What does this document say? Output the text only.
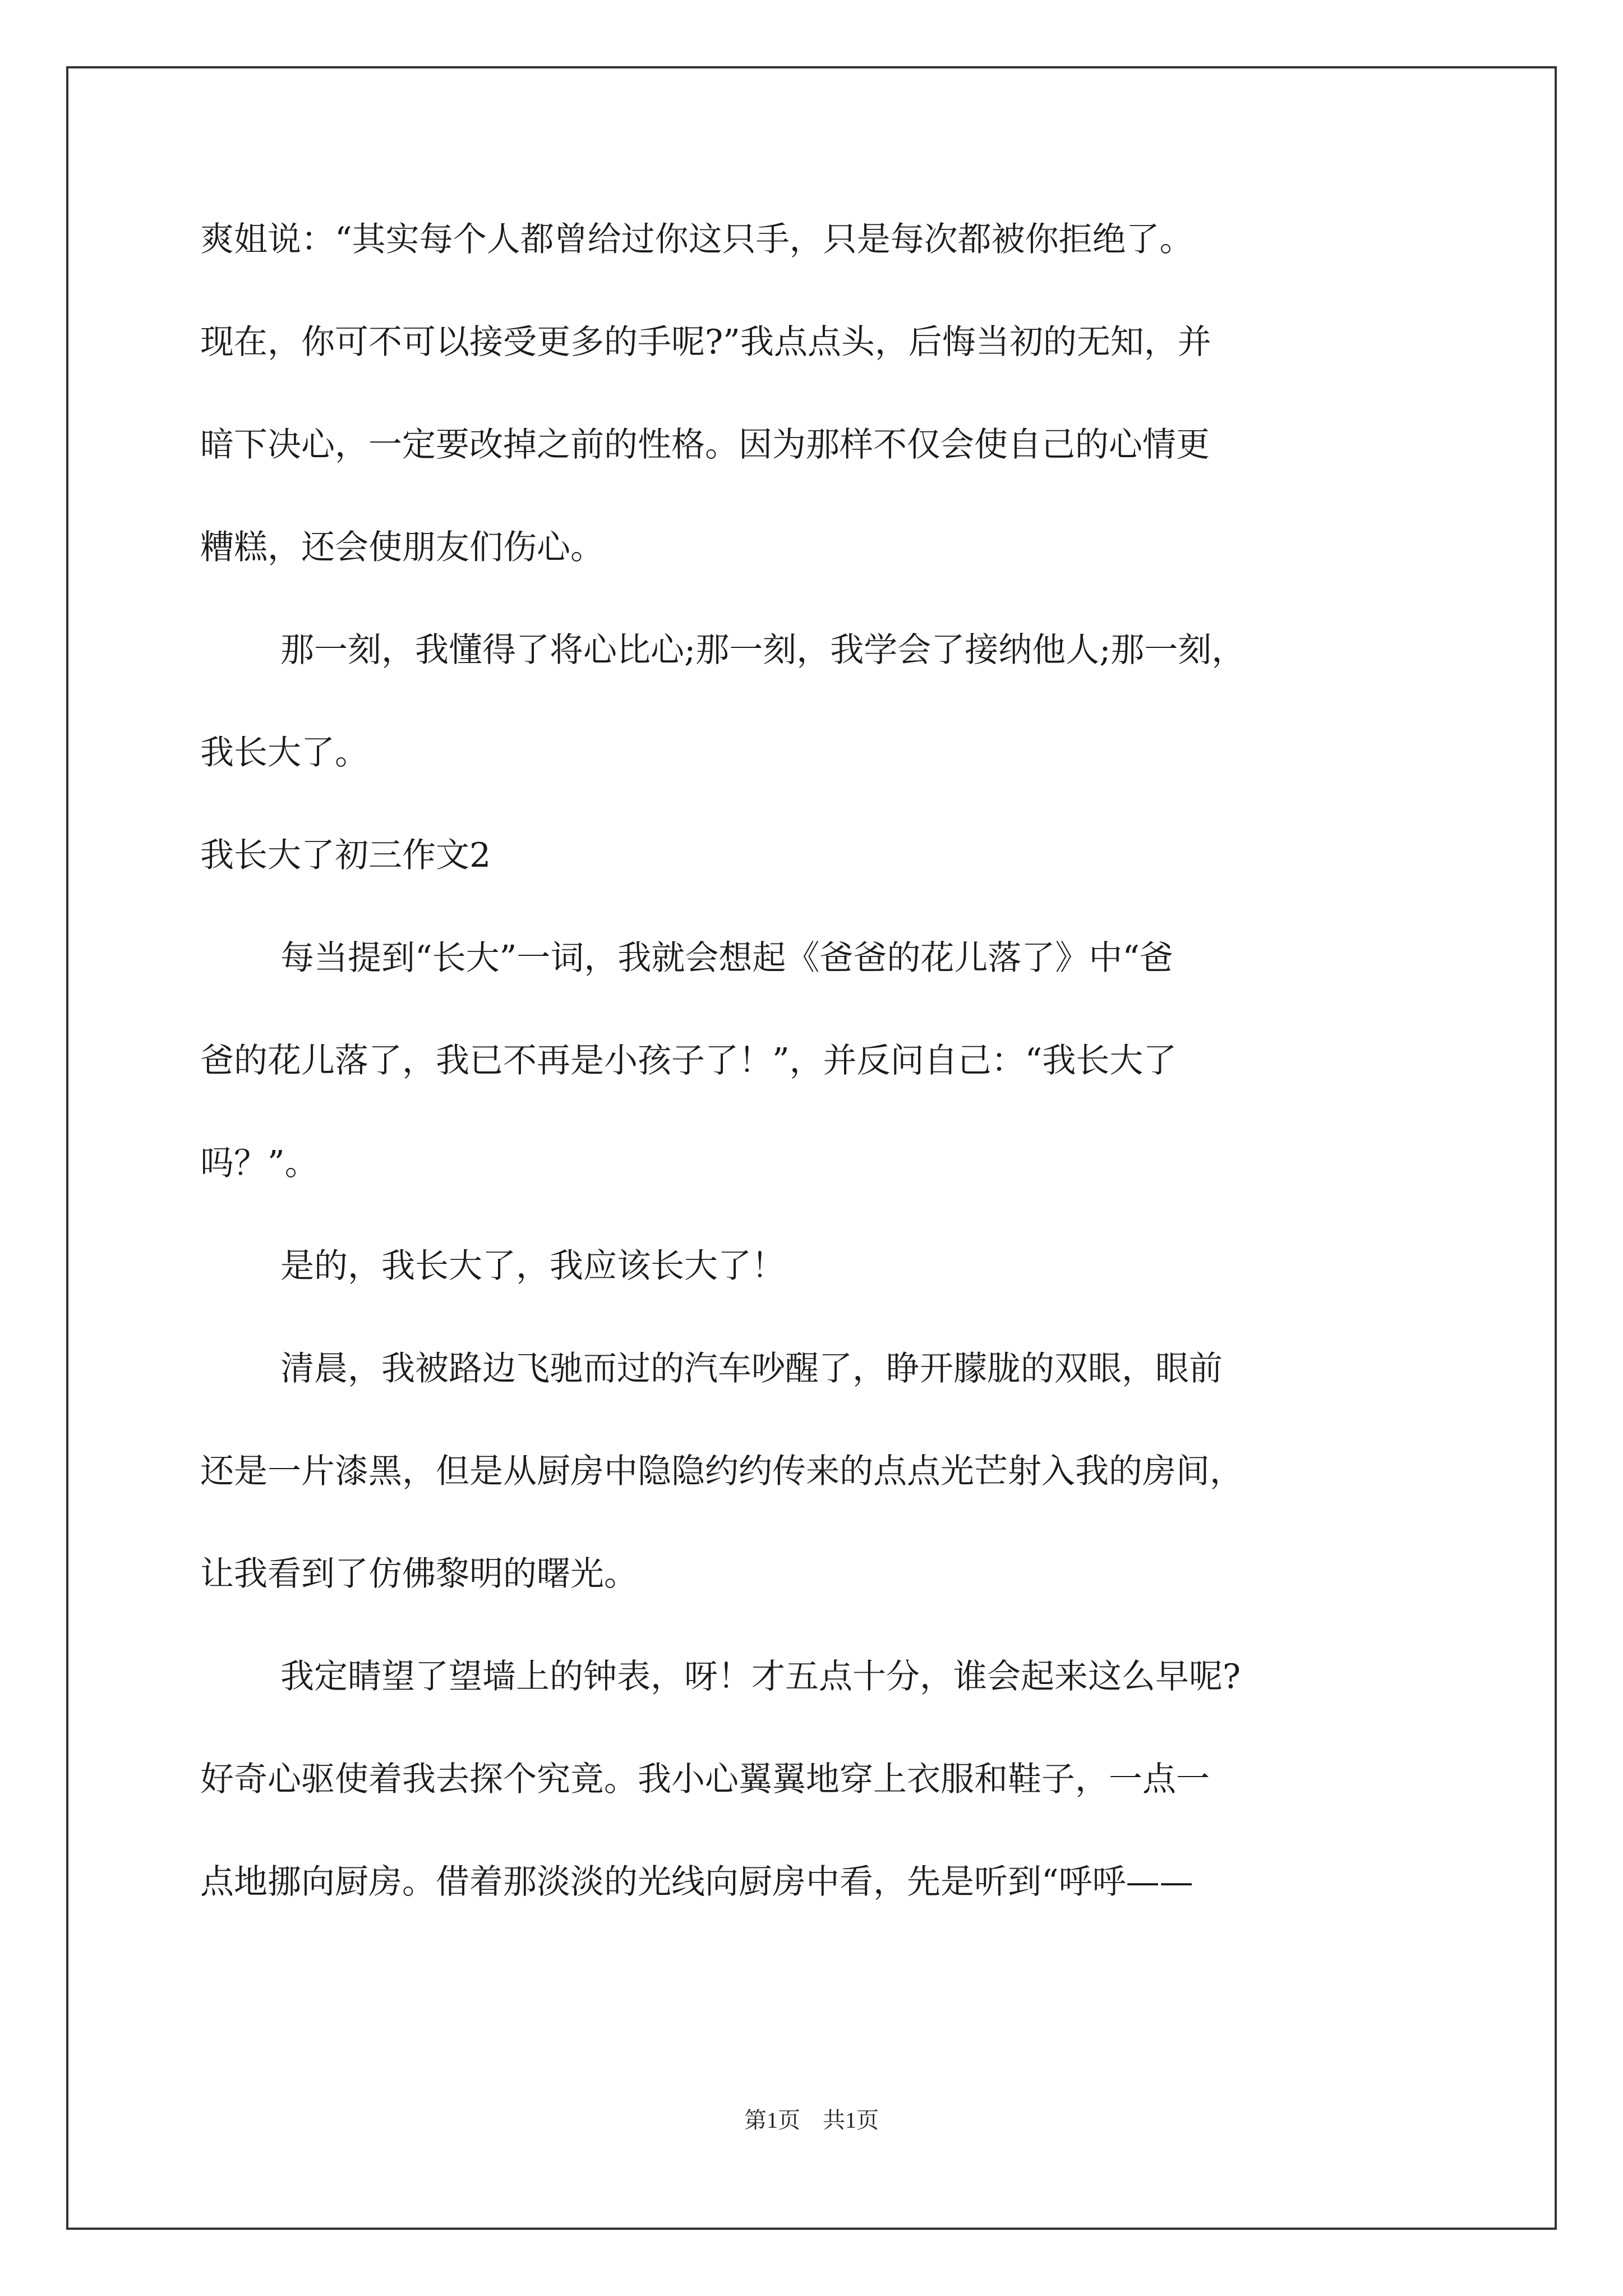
爽姐说：“其实每个人都曾给过你这只手，只是每次都被你拒绝了。
现在，你可不可以接受更多的手呢?”我点点头，后悔当初的无知，并
暗下决心，一定要改掉之前的性格。因为那样不仅会使自己的心情更
糟糕，还会使朋友们伤心。
那一刻，我懂得了将心比心;那一刻，我学会了接纳他人;那一刻，
我长大了。
我长大了初三作文2
每当提到“长大”一词，我就会想起《爸爸的花儿落了》中“爸
爸的花儿落了，我已不再是小孩子了！”，并反问自己：“我长大了
吗？”。
是的，我长大了，我应该长大了！
清晨，我被路边飞驰而过的汽车吵醒了，睁开朦胧的双眼，眼前
还是一片漆黑，但是从厨房中隐隐约约传来的点点光芒射入我的房间，
让我看到了仿佛黎明的曙光。
我定睛望了望墙上的钟表，呀！才五点十分，谁会起来这么早呢?
好奇心驱使着我去探个究竟。我小心翼翼地穿上衣服和鞋子，一点一
点地挪向厨房。借着那淡淡的光线向厨房中看，先是听到“呼呼——
第1页　共1页
